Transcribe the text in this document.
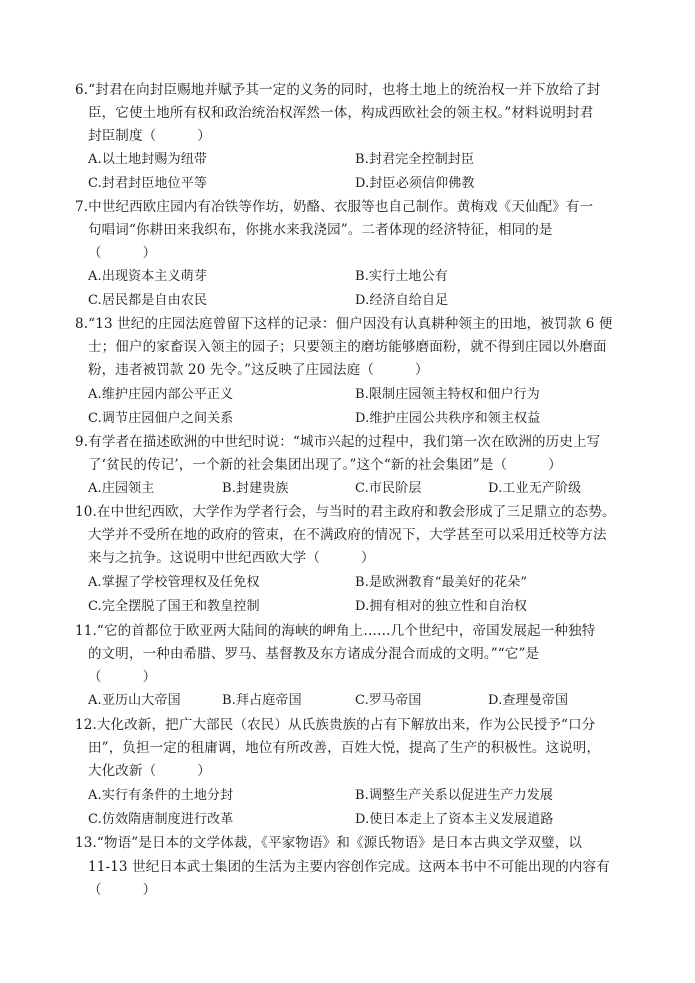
6.“封君在向封臣赐地并赋予其一定的义务的同时，也将土地上的统治权一并下放给了封
臣，它使土地所有权和政治统治权浑然一体，构成西欧社会的领主权。”材料说明封君
封臣制度（　　　）
A.以土地封赐为纽带	B.封君完全控制封臣
C.封君封臣地位平等	D.封臣必须信仰佛教
7.中世纪西欧庄园内有冶铁等作坊，奶酪、衣服等也自己制作。黄梅戏《天仙配》有一
句唱词“你耕田来我织布，你挑水来我浇园”。二者体现的经济特征，相同的是
（　　　）
A.出现资本主义萌芽	B.实行土地公有
C.居民都是自由农民	D.经济自给自足
8.“13 世纪的庄园法庭曾留下这样的记录：佃户因没有认真耕种领主的田地，被罚款 6 便
士；佃户的家畜误入领主的园子；只要领主的磨坊能够磨面粉，就不得到庄园以外磨面
粉，违者被罚款 20 先令。”这反映了庄园法庭（　　　）
A.维护庄园内部公平正义	B.限制庄园领主特权和佃户行为
C.调节庄园佃户之间关系	D.维护庄园公共秩序和领主权益
9.有学者在描述欧洲的中世纪时说：“城市兴起的过程中，我们第一次在欧洲的历史上写
了‘贫民的传记’，一个新的社会集团出现了。”这个“新的社会集团”是（　　　）
A.庄园领主	B.封建贵族	C.市民阶层	D.工业无产阶级
10.在中世纪西欧，大学作为学者行会，与当时的君主政府和教会形成了三足鼎立的态势。
大学并不受所在地的政府的管束，在不满政府的情况下，大学甚至可以采用迁校等方法
来与之抗争。这说明中世纪西欧大学（　　　）
A.掌握了学校管理权及任免权	B.是欧洲教育“最美好的花朵”
C.完全摆脱了国王和教皇控制	D.拥有相对的独立性和自治权
11.“它的首都位于欧亚两大陆间的海峡的岬角上……几个世纪中，帝国发展起一种独特
的文明，一种由希腊、罗马、基督教及东方诸成分混合而成的文明。”“它”是
（　　　）
A.亚历山大帝国	B.拜占庭帝国	C.罗马帝国	D.查理曼帝国
12.大化改新，把广大部民（农民）从氏族贵族的占有下解放出来，作为公民授予“口分
田”，负担一定的租庸调，地位有所改善，百姓大悦，提高了生产的积极性。这说明，
大化改新（　　　）
A.实行有条件的土地分封	B.调整生产关系以促进生产力发展
C.仿效隋唐制度进行改革	D.使日本走上了资本主义发展道路
13.“物语”是日本的文学体裁，《平家物语》和《源氏物语》是日本古典文学双璧，以
11-13 世纪日本武士集团的生活为主要内容创作完成。这两本书中不可能出现的内容有
（　　　）
